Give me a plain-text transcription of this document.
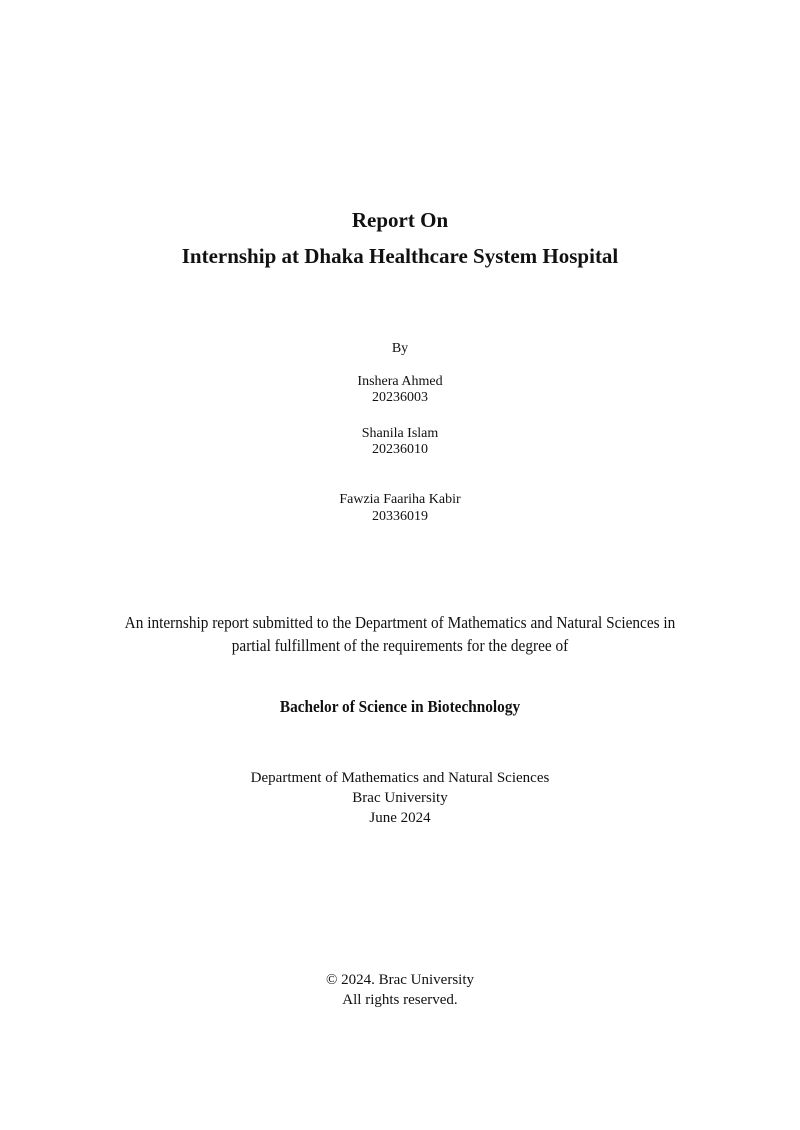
Report On
Internship at Dhaka Healthcare System Hospital
By
Inshera Ahmed
20236003
Shanila Islam
20236010
Fawzia Faariha Kabir
20336019
An internship report submitted to the Department of Mathematics and Natural Sciences in
partial fulfillment of the requirements for the degree of
Bachelor of Science in Biotechnology
Department of Mathematics and Natural Sciences
Brac University
June 2024
© 2024. Brac University
All rights reserved.
